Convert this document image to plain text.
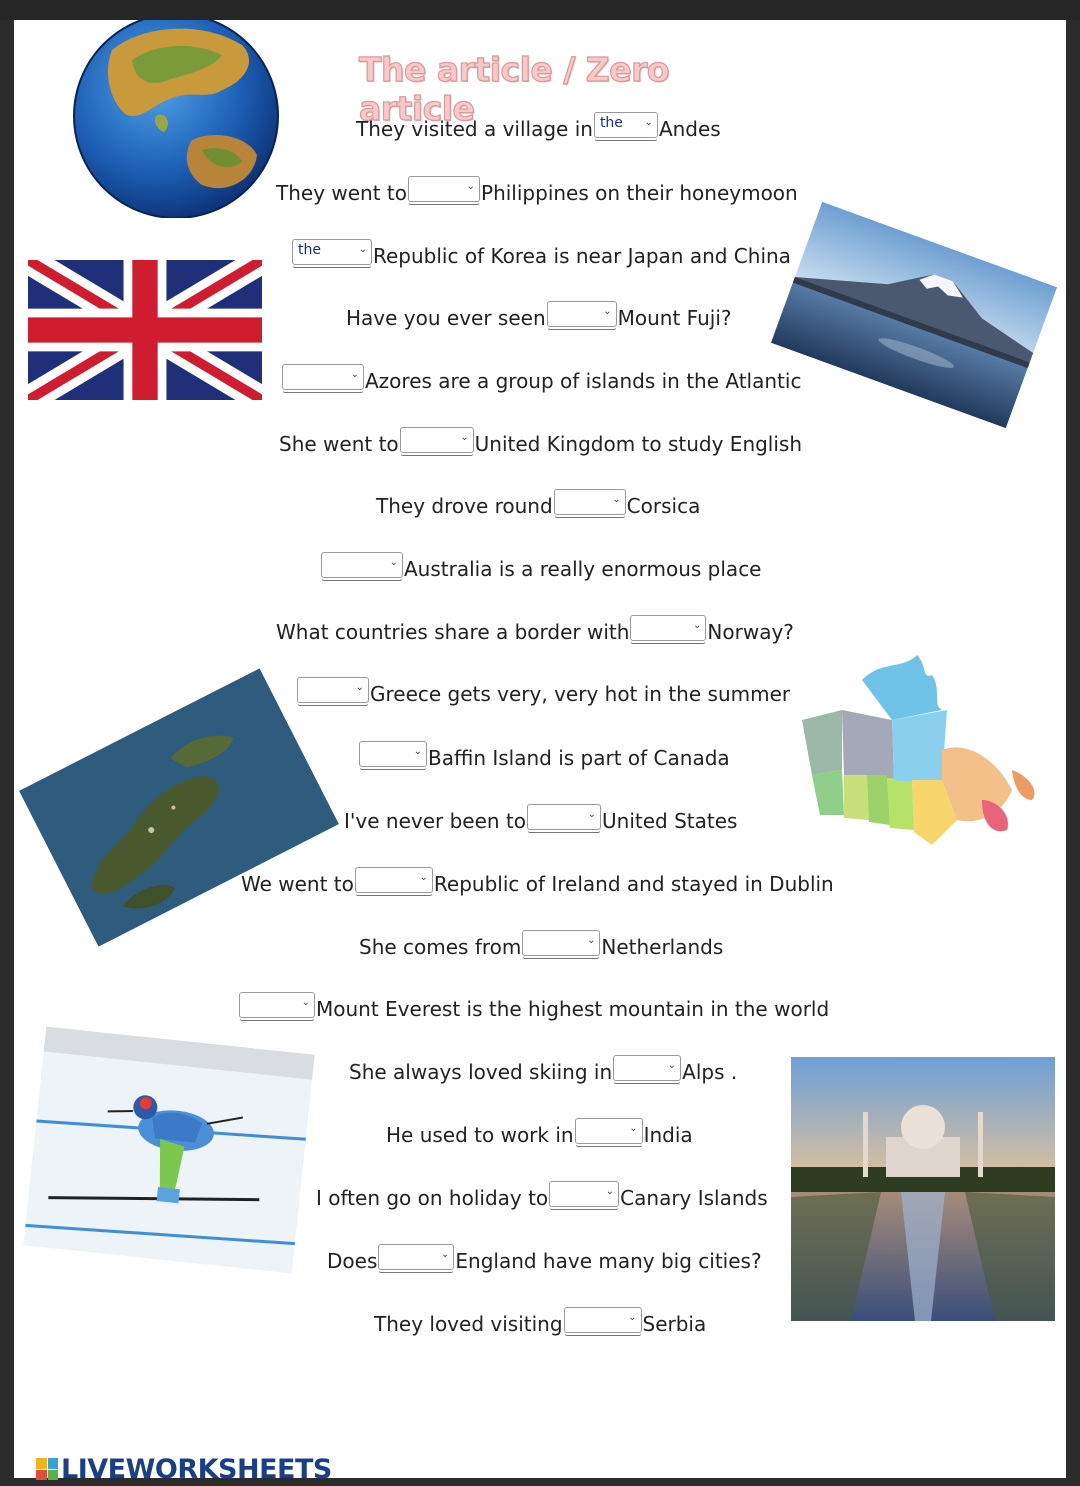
The article / Zero article
They visited a village in the ⌄ Andes
They went to	⌄ Philippines on their honeymoon
the	⌄ Republic of Korea is near Japan and China
Have you ever seen	⌄ Mount Fuji?
⌄ Azores are a group of islands in the Atlantic
She went to	⌄ United Kingdom to study English
They drove round	⌄ Corsica
⌄ Australia is a really enormous place
What countries share a border with	⌄ Norway?
⌄ Greece gets very, very hot in the summer
⌄ Baffin Island is part of Canada
I've never been to	⌄ United States
We went to	⌄ Republic of Ireland and stayed in Dublin
She comes from	⌄ Netherlands
⌄ Mount Everest is the highest mountain in the world
She always loved skiing in	⌄ Alps .
He used to work in	⌄ India
I often go on holiday to	⌄ Canary Islands
Does	⌄ England have many big cities?
They loved visiting	⌄ Serbia
LIVEWORKSHEETS
